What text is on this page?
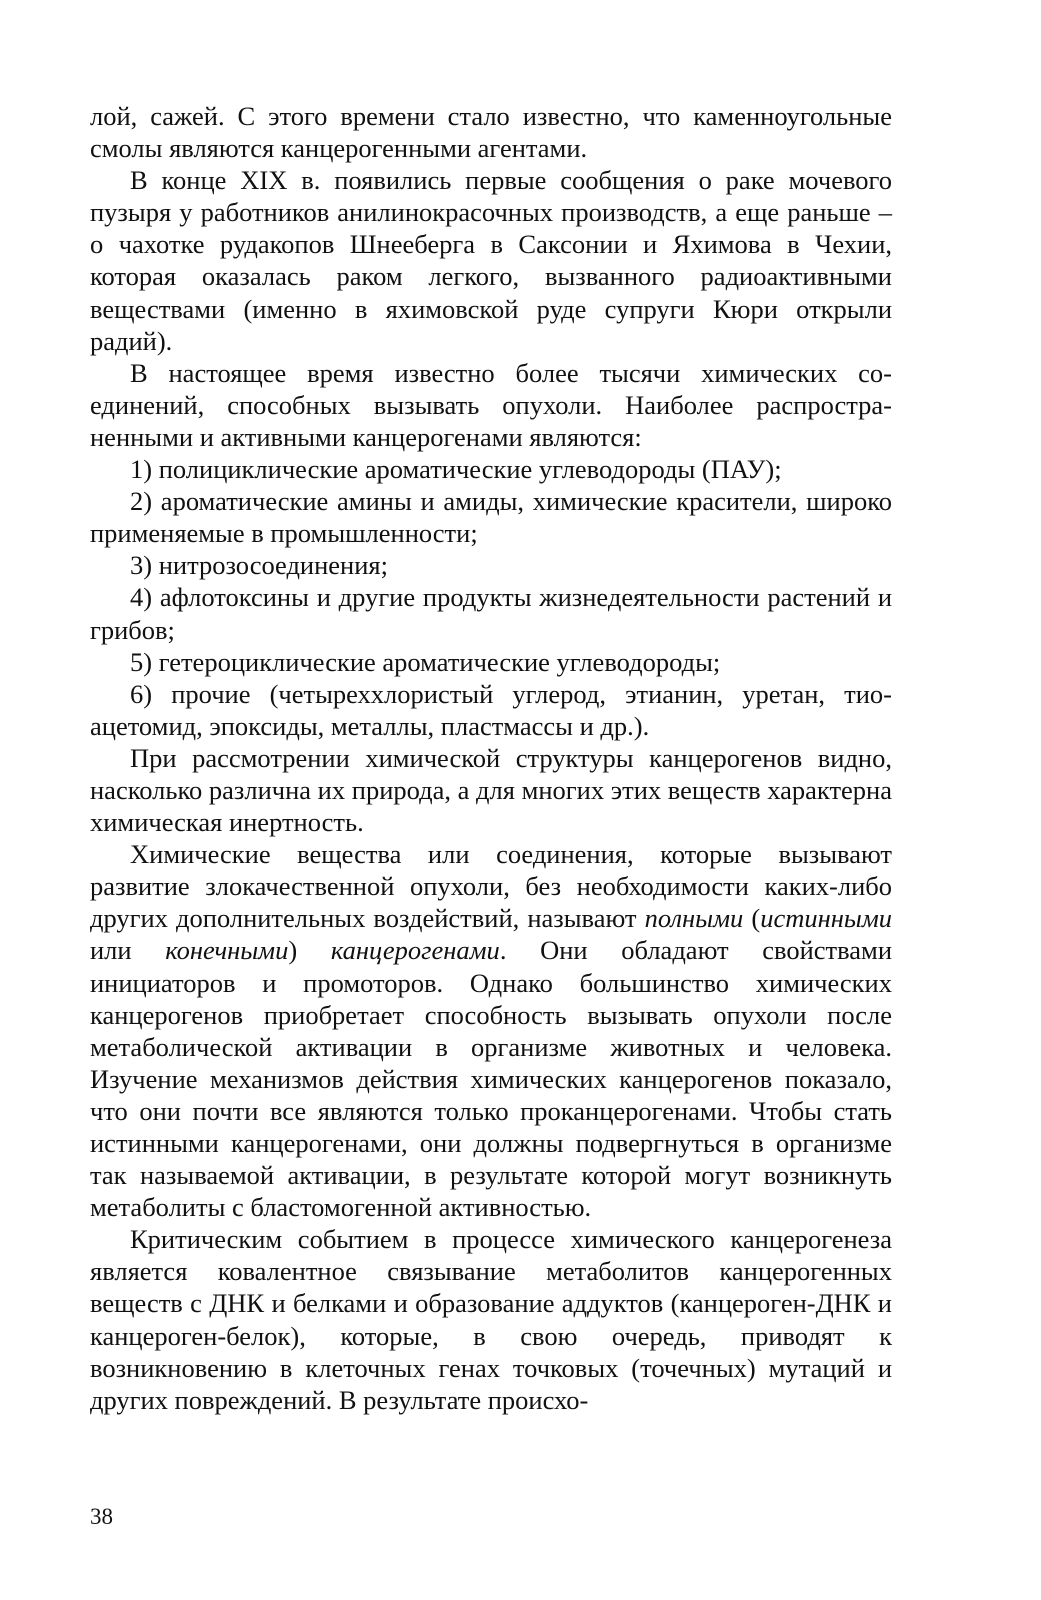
лой, сажей. С этого времени стало известно, что каменноугольные смолы являются канцерогенными агентами.

В конце XIX в. появились первые сообщения о раке мочевого пузыря у работников анилинокрасочных производств, а еще раньше – о чахотке рудакопов Шнееберга в Саксонии и Яхимова в Чехии, которая оказалась раком легкого, вызванного радиоактивными веществами (именно в яхимовской руде супруги Кюри открыли радий).

В настоящее время известно более тысячи химических соединений, способных вызывать опухоли. Наиболее распространенными и активными канцерогенами являются:

1) полициклические ароматические углеводороды (ПАУ);

2) ароматические амины и амиды, химические красители, широко применяемые в промышленности;

3) нитрозосоединения;

4) афлотоксины и другие продукты жизнедеятельности растений и грибов;

5) гетероциклические ароматические углеводороды;

6) прочие (четыреххлористый углерод, этианин, уретан, тиоацетомид, эпоксиды, металлы, пластмассы и др.).

При рассмотрении химической структуры канцерогенов видно, насколько различна их природа, а для многих этих веществ характерна химическая инертность.

Химические вещества или соединения, которые вызывают развитие злокачественной опухоли, без необходимости каких-либо других дополнительных воздействий, называют полными (истинными или конечными) канцерогенами. Они обладают свойствами инициаторов и промоторов. Однако большинство химических канцерогенов приобретает способность вызывать опухоли после метаболической активации в организме животных и человека. Изучение механизмов действия химических канцерогенов показало, что они почти все являются только проканцерогенами. Чтобы стать истинными канцерогенами, они должны подвергнуться в организме так называемой активации, в результате которой могут возникнуть метаболиты с бластомогенной активностью.

Критическим событием в процессе химического канцерогенеза является ковалентное связывание метаболитов канцерогенных веществ с ДНК и белками и образование аддуктов (канцероген-ДНК и канцероген-белок), которые, в свою очередь, приводят к возникновению в клеточных генах точковых (точечных) мутаций и других повреждений. В результате происхо-

38
